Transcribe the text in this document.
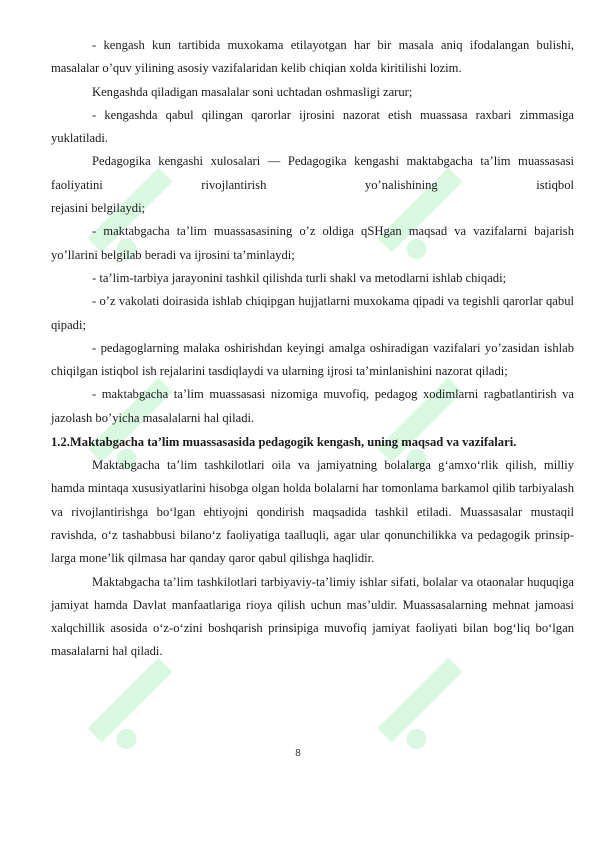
- kengash kun tartibida muxokama etilayotgan har bir masala aniq ifodalangan bulishi, masalalar o’quv yilining asosiy vazifalaridan kelib chiqian xolda kiritilishi lozim.

Kengashda qiladigan masalalar soni uchtadan oshmasligi zarur;

- kengashda qabul qilingan qarorlar ijrosini nazorat etish muassasa raxbari zimmasiga yuklatiladi.

Pedagogika kengashi xulosalari — Pedagogika kengashi maktabgacha ta’lim muassasasi faoliyatini rivojlantirish yo’nalishining istiqbol

rejasini belgilaydi;

- maktabgacha ta’lim muassasasining o’z oldiga qSHgan maqsad va vazifalarni bajarish yo’llarini belgilab beradi va ijrosini ta’minlaydi;

- ta’lim-tarbiya jarayonini tashkil qilishda turli shakl va metodlarni ishlab chiqadi;

- o’z vakolati doirasida ishlab chiqipgan hujjatlarni muxokama qipadi va tegishli qarorlar qabul qipadi;

- pedagoglarning malaka oshirishdan keyingi amalga oshiradigan vazifalari yo’zasidan ishlab chiqilgan istiqbol ish rejalarini tasdiqlaydi va ularning ijrosi ta’minlanishini nazorat qiladi;

- maktabgacha ta’lim muassasasi nizomiga muvofiq, pedagog xodimlarni ragbatlantirish va jazolash bo’yicha masalalarni hal qiladi.

1.2.Maktabgacha ta’lim muassasasida pedagogik kengash, uning maqsad va vazifalari.

Maktabgacha ta’lim tashkilotlari oila va jamiyatning bolalarga g‘amxo‘rlik qilish, milliy hamda mintaqa xususiyatlarini hisobga olgan holda bolalarni har tomonlama barkamol qilib tarbiyalash va rivojlantirishga bo‘lgan ehtiyojni qondirish maqsadida tashkil etiladi. Muassasalar mustaqil ravishda, o‘z tashabbusi bilano‘z faoliyatiga taalluqli, agar ular qonunchilikka va pedagogik prinsip-larga mone’lik qilmasa har qanday qaror qabul qilishga haqlidir.

Maktabgacha ta’lim tashkilotlari tarbiyaviy-ta’limiy ishlar sifati, bolalar va otaonalar huquqiga jamiyat hamda Davlat manfaatlariga rioya qilish uchun mas’uldir. Muassasalarning mehnat jamoasi xalqchillik asosida o‘z-o‘zini boshqarish prinsipiga muvofiq jamiyat faoliyati bilan bog‘liq bo‘lgan masalalarni hal qiladi.

8
